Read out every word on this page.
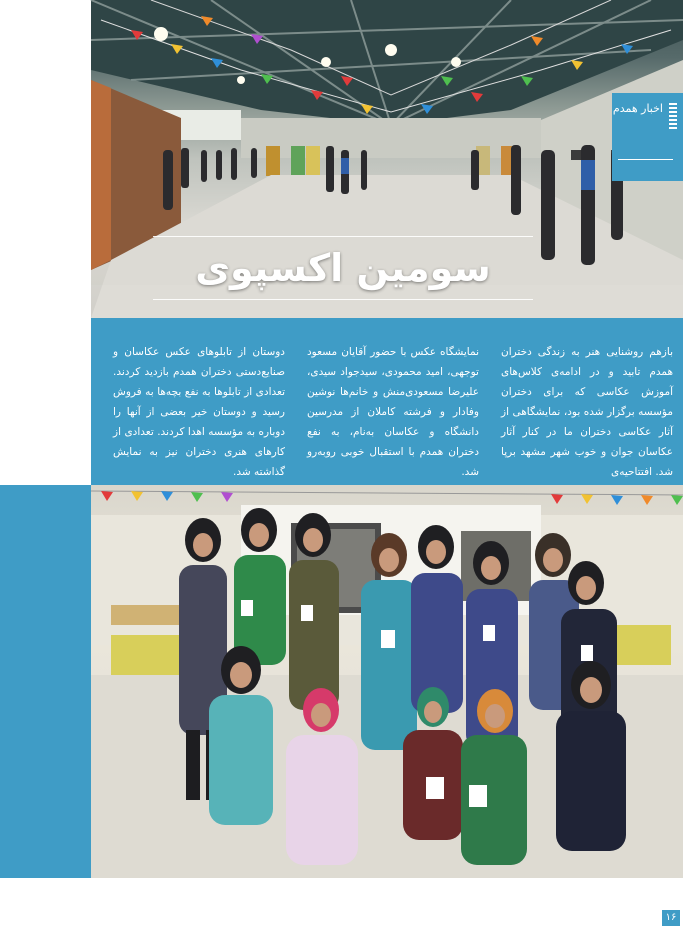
سومین اکسپوی
اخبار همدم
بازهم روشنایی هنر به زندگی دختران همدم تابید و در ادامه‌ی کلاس‌های آموزش عکاسی که برای دختران مؤسسه برگزار شده بود، نمایشگاهی از آثار عکاسی دختران ما در کنار آثار عکاسان جوان و خوب شهر مشهد برپا شد. افتتاحیه‌ی
نمایشگاه عکس با حضور آقایان مسعود توجهی، امید محمودی، سیدجواد سیدی، علیرضا مسعودی‌منش و خانم‌ها نوشین وفادار و فرشته کاملان از مدرسین دانشگاه و عکاسان به‌نام، به نفع دختران همدم با استقبال خوبی روبه‌رو شد.
دوستان از تابلوهای عکس عکاسان و صنایع‌دستی دختران همدم بازدید کردند. تعدادی از تابلوها به نفع بچه‌ها به فروش رسید و دوستان خیر بعضی از آنها را دوباره به مؤسسه اهدا کردند. تعدادی از کارهای هنری دختران نیز به نمایش گذاشته شد.
۱۶
